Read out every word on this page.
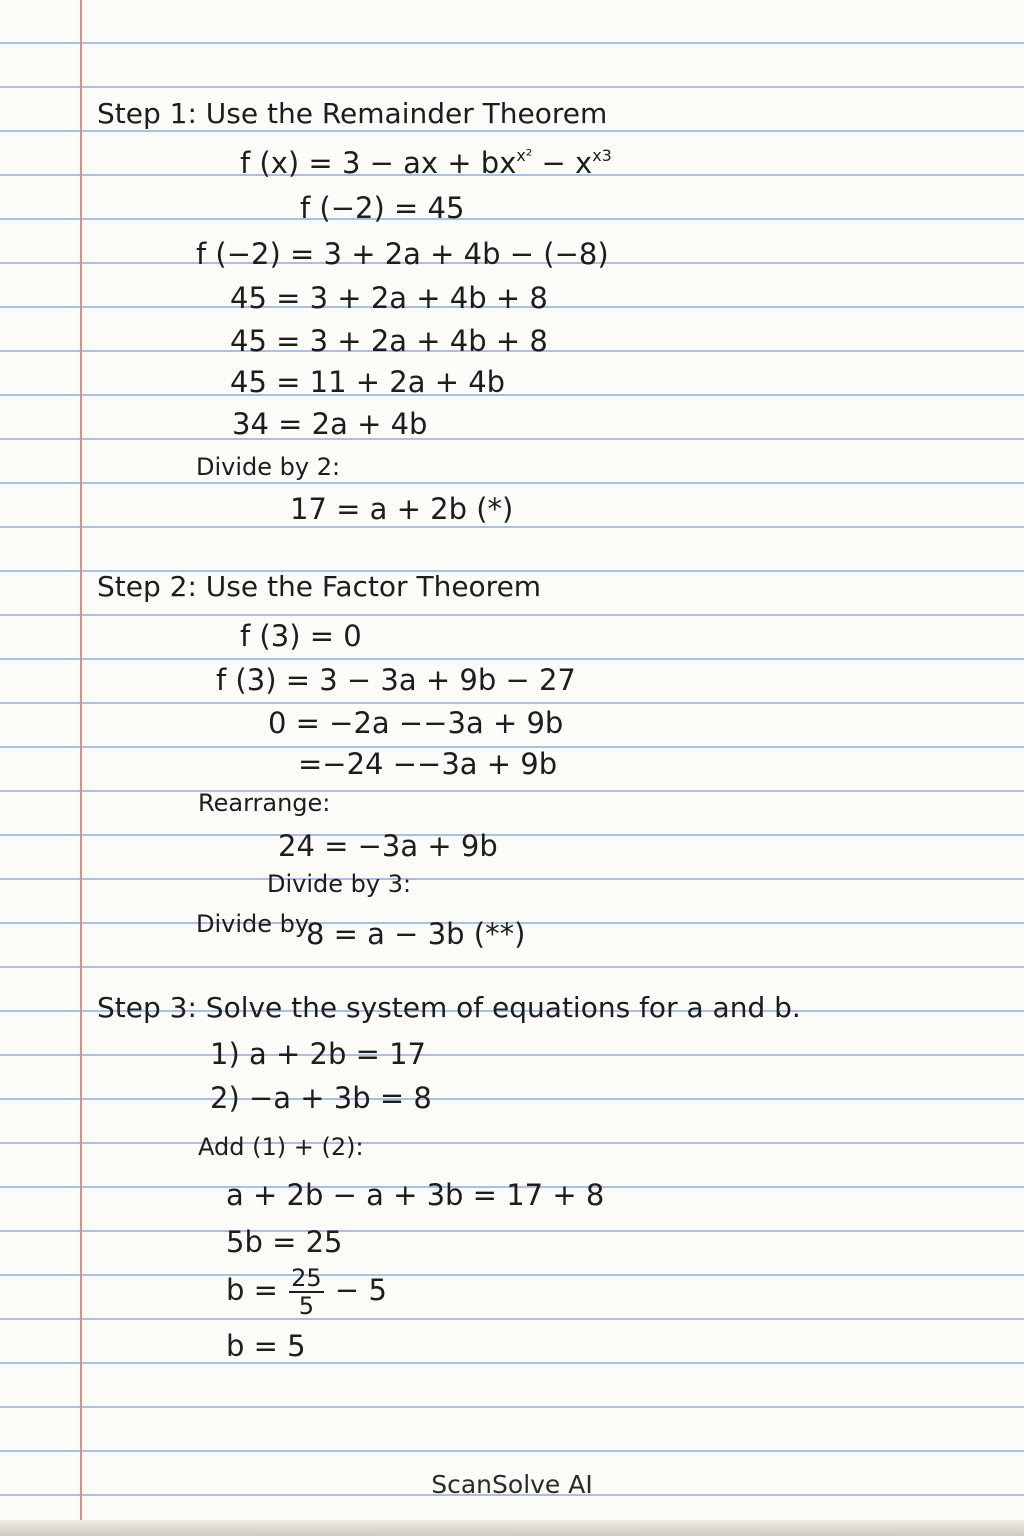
Step 1: Use the Remainder Theorem
f (x) = 3 − ax + $bx^{x^2} - x^{x3}$
f (−2) = 45
f (−2) = 3 + 2a + 4b − (−8)
45 = 3 + 2a + 4b + 8
45 = 3 + 2a + 4b + 8
45 = 11 + 2a + 4b
34 = 2a + 4b
Divide by 2:
17 = a + 2b (*)
Step 2: Use the Factor Theorem
f (3) = 0
f (3) = 3 − 3a + 9b − 27
0 = −2a −−3a + 9b
=−24 −−3a + 9b
Rearrange:
24 = −3a + 9b
Divide by 3:
Divide by
8 = a − 3b (**)
Step 3: Solve the system of equations for a and b.
1) a + 2b = 17
2) −a + 3b = 8
Add (1) + (2):
a + 2b − a + 3b = 17 + 8
5b = 25
$b = \frac{25}{5} - 5$
b = 5
ScanSolve AI
